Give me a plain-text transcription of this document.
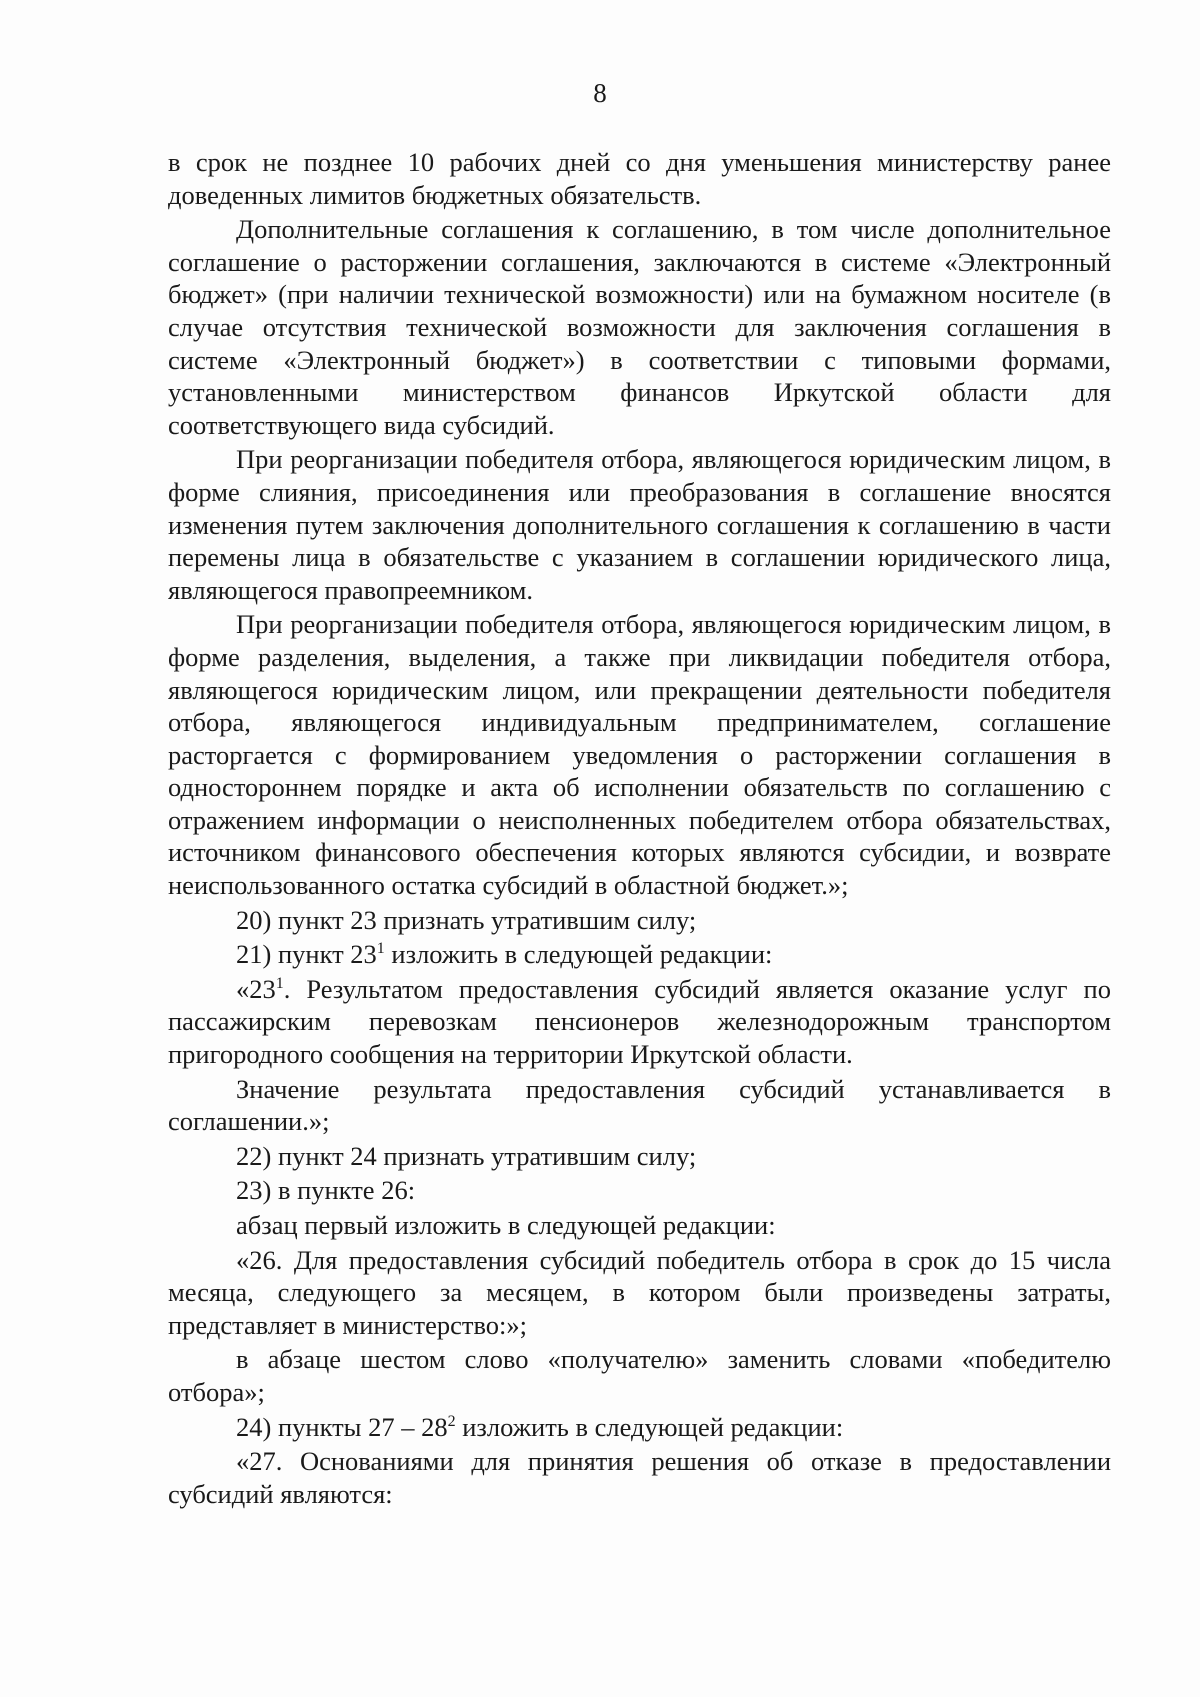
8

в срок не позднее 10 рабочих дней со дня уменьшения министерству ранее доведенных лимитов бюджетных обязательств.

Дополнительные соглашения к соглашению, в том числе дополнительное соглашение о расторжении соглашения, заключаются в системе «Электронный бюджет» (при наличии технической возможности) или на бумажном носителе (в случае отсутствия технической возможности для заключения соглашения в системе «Электронный бюджет») в соответствии с типовыми формами, установленными министерством финансов Иркутской области для соответствующего вида субсидий.

При реорганизации победителя отбора, являющегося юридическим лицом, в форме слияния, присоединения или преобразования в соглашение вносятся изменения путем заключения дополнительного соглашения к соглашению в части перемены лица в обязательстве с указанием в соглашении юридического лица, являющегося правопреемником.

При реорганизации победителя отбора, являющегося юридическим лицом, в форме разделения, выделения, а также при ликвидации победителя отбора, являющегося юридическим лицом, или прекращении деятельности победителя отбора, являющегося индивидуальным предпринимателем, соглашение расторгается с формированием уведомления о расторжении соглашения в одностороннем порядке и акта об исполнении обязательств по соглашению с отражением информации о неисполненных победителем отбора обязательствах, источником финансового обеспечения которых являются субсидии, и возврате неиспользованного остатка субсидий в областной бюджет.»;

20) пункт 23 признать утратившим силу;

21) пункт $23^1$ изложить в следующей редакции:

«$23^1$. Результатом предоставления субсидий является оказание услуг по пассажирским перевозкам пенсионеров железнодорожным транспортом пригородного сообщения на территории Иркутской области.

Значение результата предоставления субсидий устанавливается в соглашении.»;

22) пункт 24 признать утратившим силу;

23) в пункте 26:

абзац первый изложить в следующей редакции:

«26. Для предоставления субсидий победитель отбора в срок до 15 числа месяца, следующего за месяцем, в котором были произведены затраты, представляет в министерство:»;

в абзаце шестом слово «получателю» заменить словами «победителю отбора»;

24) пункты $27 - 28^2$ изложить в следующей редакции:

«27. Основаниями для принятия решения об отказе в предоставлении субсидий являются:
